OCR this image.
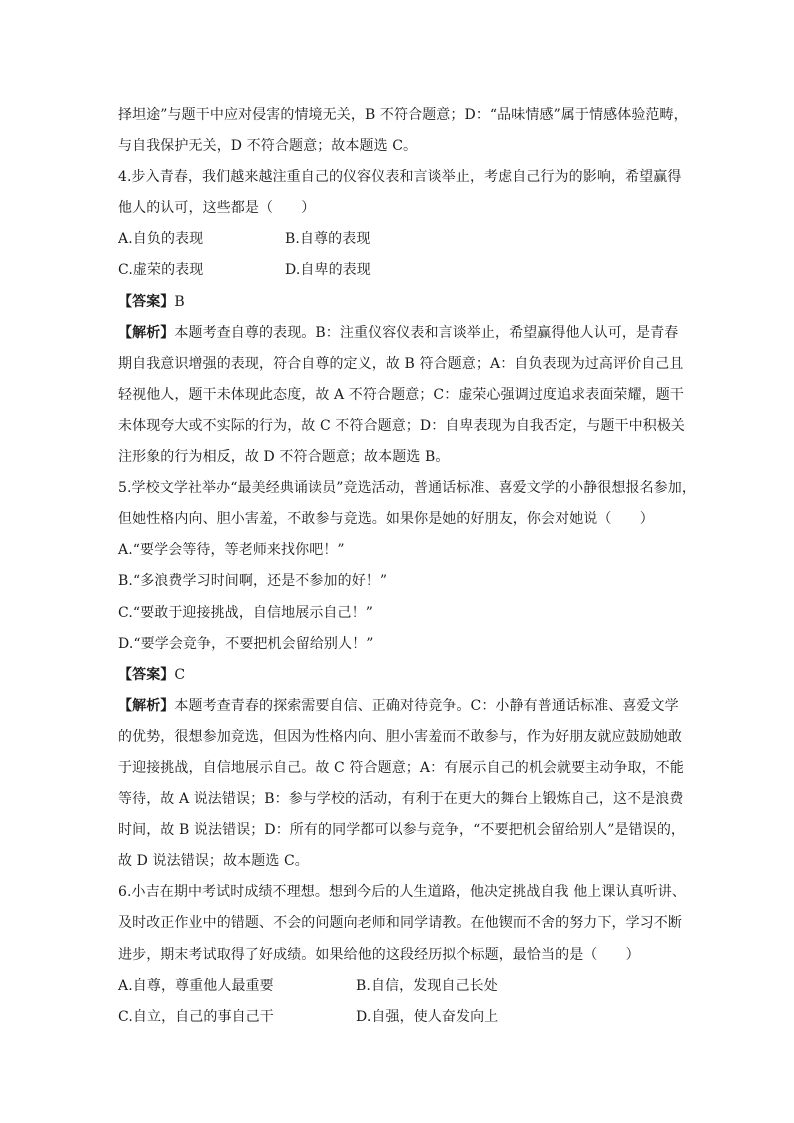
择坦途”与题干中应对侵害的情境无关，B 不符合题意；D：“品味情感”属于情感体验范畴，
与自我保护无关，D 不符合题意；故本题选 C。
4.步入青春，我们越来越注重自己的仪容仪表和言谈举止，考虑自己行为的影响，希望赢得
他人的认可，这些都是（　　）
A.自负的表现	B.自尊的表现
C.虚荣的表现	D.自卑的表现
【答案】B
【解析】本题考查自尊的表现。B：注重仪容仪表和言谈举止，希望赢得他人认可，是青春
期自我意识增强的表现，符合自尊的定义，故 B 符合题意；A：自负表现为过高评价自己且
轻视他人，题干未体现此态度，故 A 不符合题意；C：虚荣心强调过度追求表面荣耀，题干
未体现夸大或不实际的行为，故 C 不符合题意；D：自卑表现为自我否定，与题干中积极关
注形象的行为相反，故 D 不符合题意；故本题选 B。
5.学校文学社举办“最美经典诵读员”竞选活动，普通话标准、喜爱文学的小静很想报名参加，
但她性格内向、胆小害羞，不敢参与竞选。如果你是她的好朋友，你会对她说（　　）
A.“要学会等待，等老师来找你吧！”
B.“多浪费学习时间啊，还是不参加的好！”
C.“要敢于迎接挑战，自信地展示自己！”
D.“要学会竞争，不要把机会留给别人！”
【答案】C
【解析】本题考查青春的探索需要自信、正确对待竞争。C：小静有普通话标准、喜爱文学
的优势，很想参加竞选，但因为性格内向、胆小害羞而不敢参与，作为好朋友就应鼓励她敢
于迎接挑战，自信地展示自己。故 C 符合题意；A：有展示自己的机会就要主动争取，不能
等待，故 A 说法错误；B：参与学校的活动，有利于在更大的舞台上锻炼自己，这不是浪费
时间，故 B 说法错误；D：所有的同学都可以参与竞争，“不要把机会留给别人”是错误的，
故 D 说法错误；故本题选 C。
6.小吉在期中考试时成绩不理想。想到今后的人生道路，他决定挑战自我 他上课认真听讲、
及时改正作业中的错题、不会的问题向老师和同学请教。在他锲而不舍的努力下，学习不断
进步，期末考试取得了好成绩。如果给他的这段经历拟个标题，最恰当的是（　　）
A.自尊，尊重他人最重要	B.自信，发现自己长处
C.自立，自己的事自己干	D.自强，使人奋发向上
